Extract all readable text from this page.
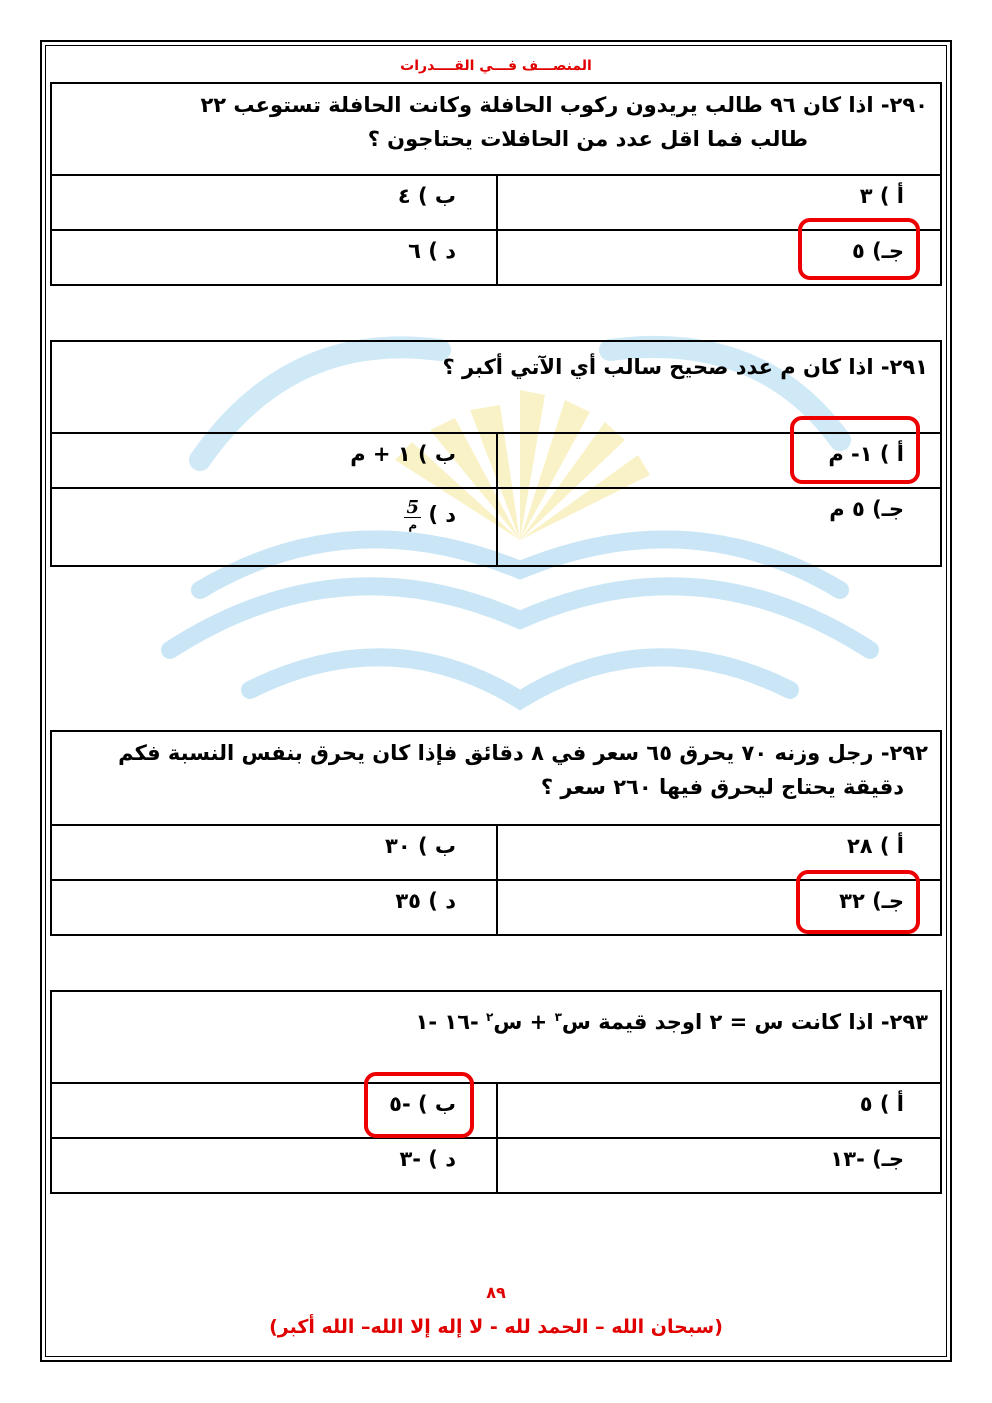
المنصـــف فـــي القــــدرات
٢٩٠- اذا كان ٩٦ طالب يريدون ركوب الحافلة وكانت الحافلة تستوعب ٢٢
طالب فما اقل عدد من الحافلات يحتاجون ؟
أ ) ٣
ب ) ٤
جـ) ٥
د ) ٦
٢٩١- اذا كان م عدد صحيح سالب أي الآتي أكبر ؟
أ ) ١- م
ب ) ١ + م
جـ) ٥ م
د )
$\frac{5}{\text{م}}$
٢٩٢- رجل وزنه ٧٠ يحرق ٦٥ سعر في ٨ دقائق فإذا كان يحرق بنفس النسبة فكم
دقيقة يحتاج ليحرق فيها ٢٦٠ سعر ؟
أ ) ٢٨
ب ) ٣٠
جـ) ٣٢
د ) ٣٥
٢٩٣- اذا كانت س = ٢ اوجد قيمة س$^٣$ + س$^٢$ -١٦ -١
أ ) ٥
ب ) -٥
جـ) -١٣
د ) -٣
٨٩
(سبحان الله – الحمد لله - لا إله إلا الله– الله أكبر)
